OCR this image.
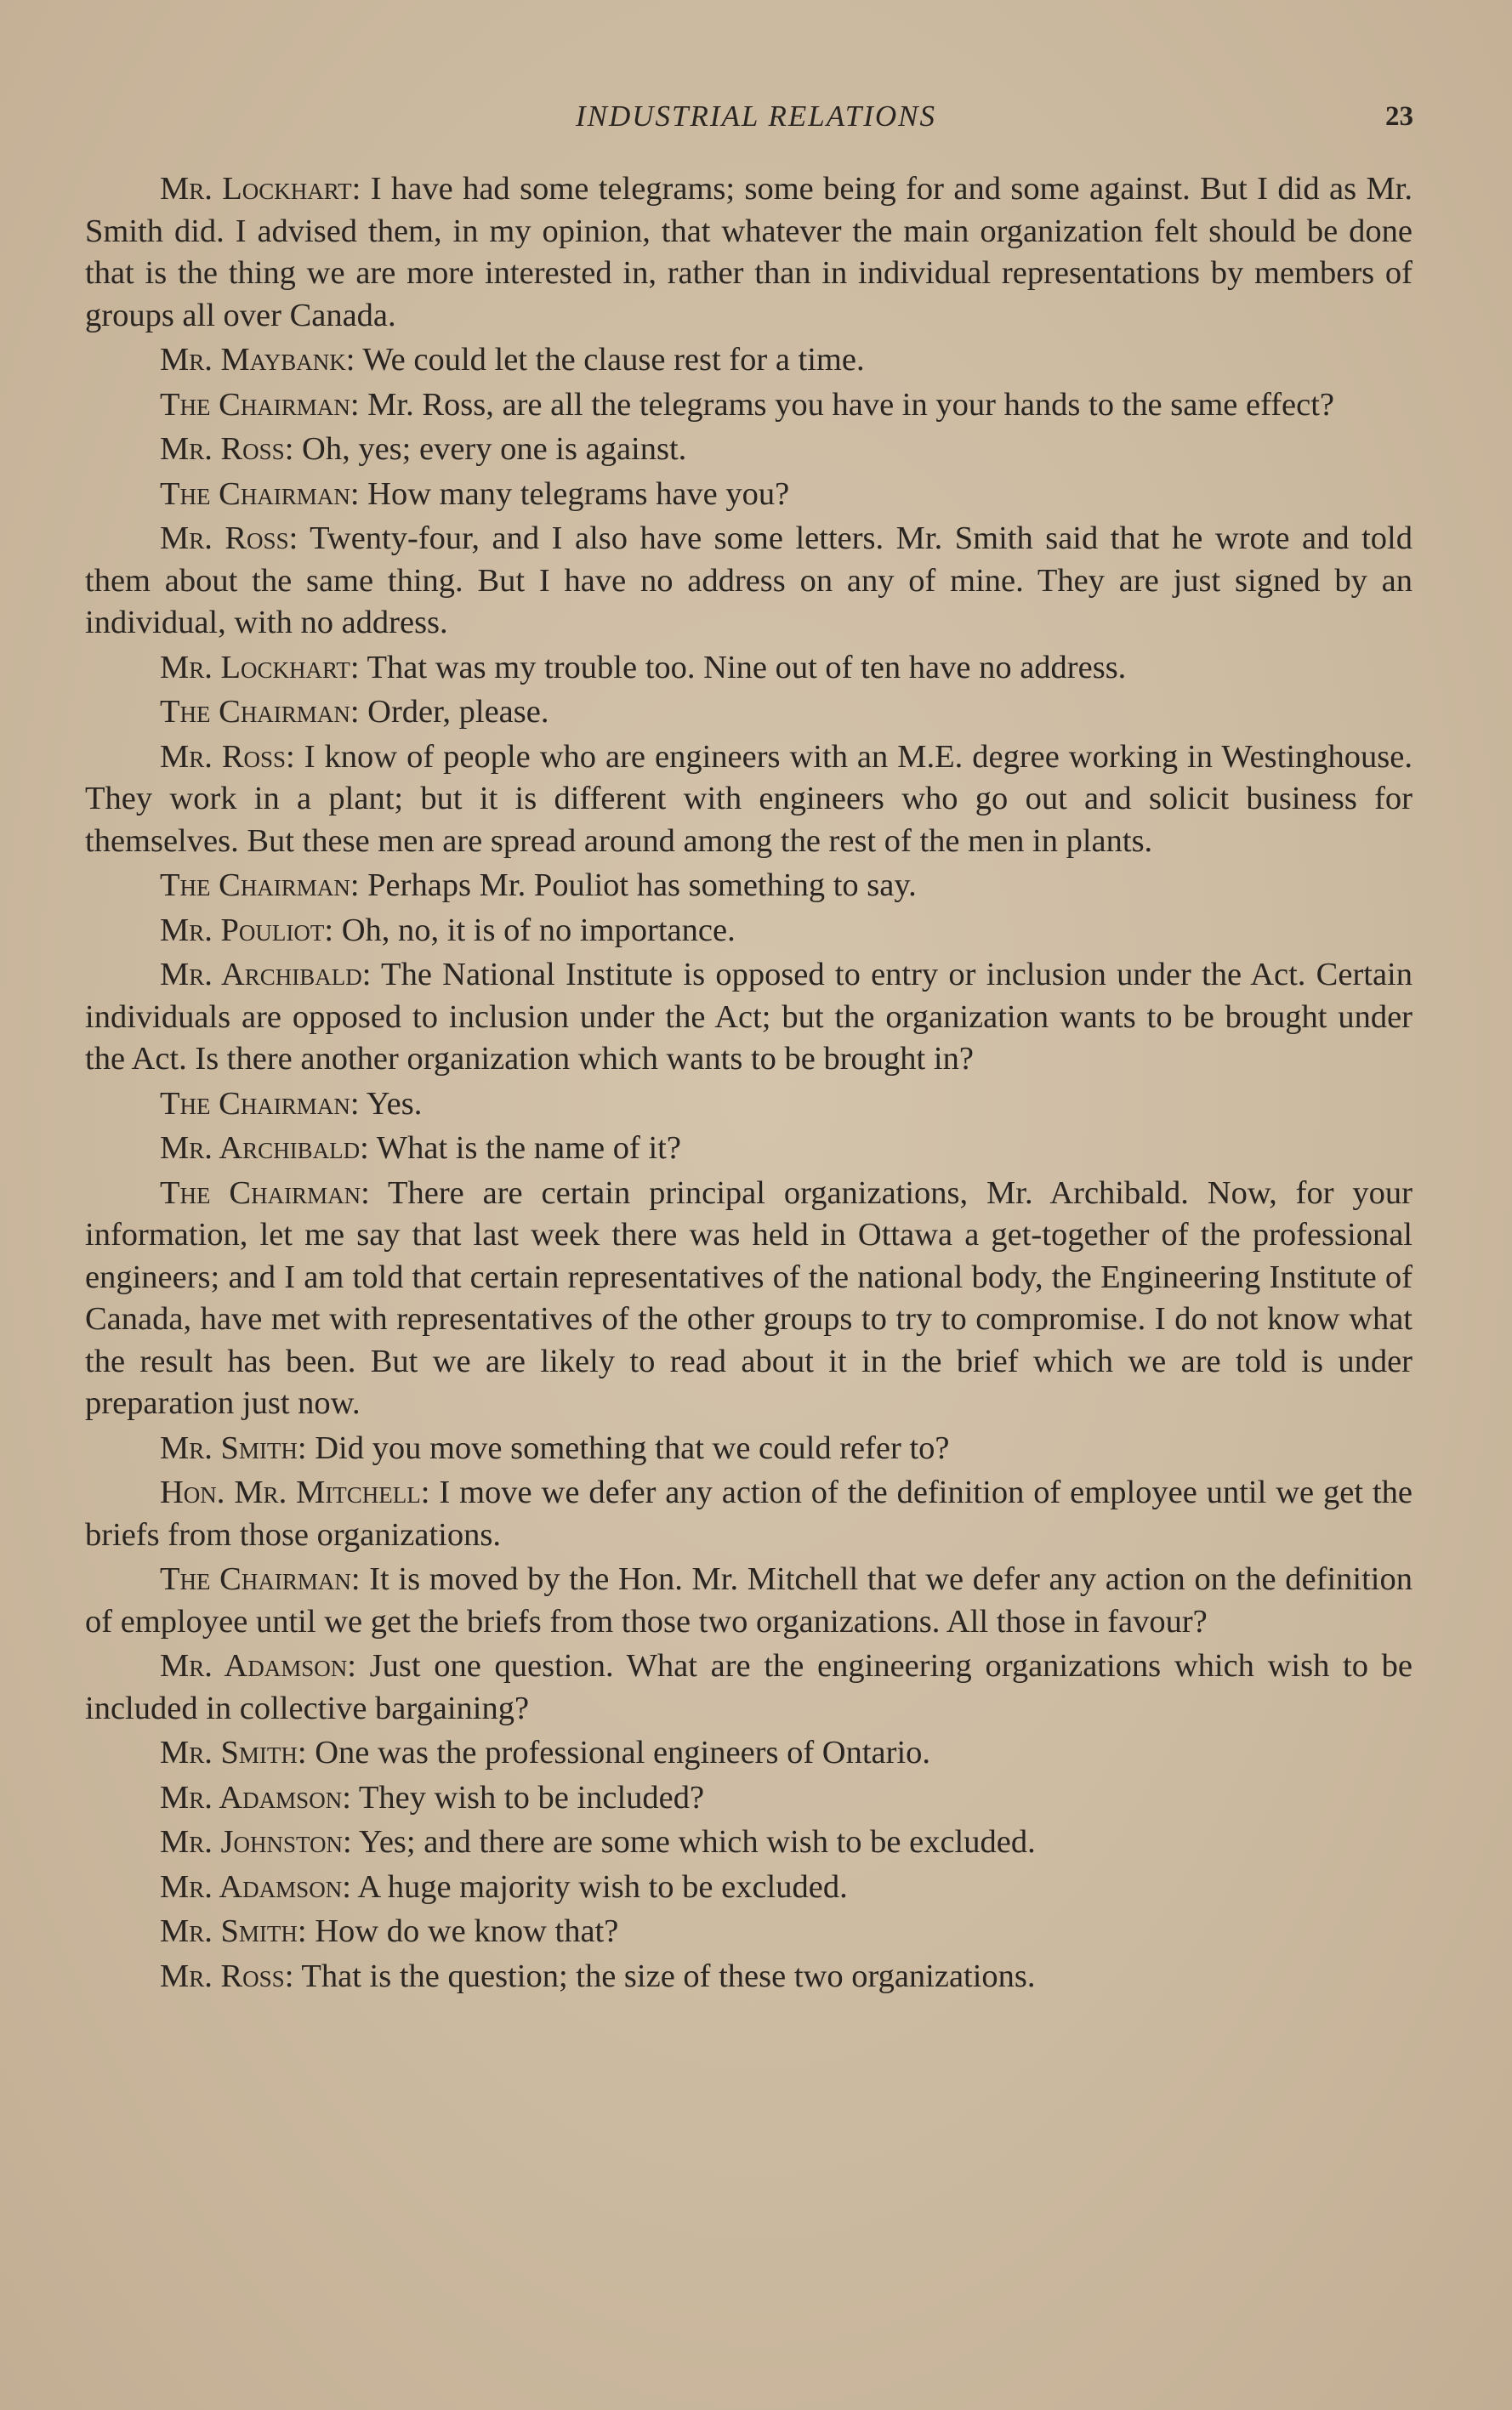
INDUSTRIAL RELATIONS	23

Mr. Lockhart: I have had some telegrams; some being for and some against. But I did as Mr. Smith did. I advised them, in my opinion, that whatever the main organization felt should be done that is the thing we are more interested in, rather than in individual representations by members of groups all over Canada.

Mr. Maybank: We could let the clause rest for a time.

The Chairman: Mr. Ross, are all the telegrams you have in your hands to the same effect?

Mr. Ross: Oh, yes; every one is against.

The Chairman: How many telegrams have you?

Mr. Ross: Twenty-four, and I also have some letters. Mr. Smith said that he wrote and told them about the same thing. But I have no address on any of mine. They are just signed by an individual, with no address.

Mr. Lockhart: That was my trouble too. Nine out of ten have no address.

The Chairman: Order, please.

Mr. Ross: I know of people who are engineers with an M.E. degree working in Westinghouse. They work in a plant; but it is different with engineers who go out and solicit business for themselves. But these men are spread around among the rest of the men in plants.

The Chairman: Perhaps Mr. Pouliot has something to say.

Mr. Pouliot: Oh, no, it is of no importance.

Mr. Archibald: The National Institute is opposed to entry or inclusion under the Act. Certain individuals are opposed to inclusion under the Act; but the organization wants to be brought under the Act. Is there another organization which wants to be brought in?

The Chairman: Yes.

Mr. Archibald: What is the name of it?

The Chairman: There are certain principal organizations, Mr. Archibald. Now, for your information, let me say that last week there was held in Ottawa a get-together of the professional engineers; and I am told that certain representatives of the national body, the Engineering Institute of Canada, have met with representatives of the other groups to try to compromise. I do not know what the result has been. But we are likely to read about it in the brief which we are told is under preparation just now.

Mr. Smith: Did you move something that we could refer to?

Hon. Mr. Mitchell: I move we defer any action of the definition of employee until we get the briefs from those organizations.

The Chairman: It is moved by the Hon. Mr. Mitchell that we defer any action on the definition of employee until we get the briefs from those two organizations. All those in favour?

Mr. Adamson: Just one question. What are the engineering organizations which wish to be included in collective bargaining?

Mr. Smith: One was the professional engineers of Ontario.

Mr. Adamson: They wish to be included?

Mr. Johnston: Yes; and there are some which wish to be excluded.

Mr. Adamson: A huge majority wish to be excluded.

Mr. Smith: How do we know that?

Mr. Ross: That is the question; the size of these two organizations.
